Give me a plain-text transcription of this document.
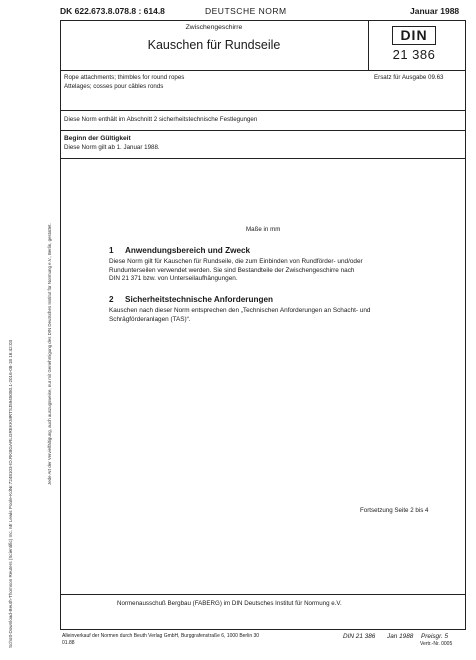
DK 622.673.8.078.8 : 614.8	DEUTSCHE NORM	Januar 1988
Zwischengeschirre
Kauschen für Rundseile
DIN
21 386
Rope attachments; thimbles for round ropes
Attelages; cosses pour câbles ronds
Ersatz für Ausgabe 09.63
Diese Norm enthält im Abschnitt 2 sicherheitstechnische Festlegungen
Beginn der Gültigkeit
Diese Norm gilt ab 1. Januar 1988.
Maße in mm
1 Anwendungsbereich und Zweck
Diese Norm gilt für Kauschen für Rundseile, die zum Einbinden von Rundförder- und/oder
Rundunterseilen verwendet werden. Sie sind Bestandteile der Zwischengeschirre nach
DIN 21 371 bzw. von Unterseilaufhängungen.
2 Sicherheitstechnische Anforderungen
Kauschen nach dieser Norm entsprechen den „Technischen Anforderungen an Schacht- und
Schrägförderanlagen (TAS)“.
Fortsetzung Seite 2 bis 4
Normenausschuß Bergbau (FABERG) im DIN Deutsches Institut für Normung e.V.
Alleinverkauf der Normen durch Beuth Verlag GmbH, Burggrafenstraße 6, 1000 Berlin 30
01.88
DIN 21 386 Jan 1988 Preisgr. 5
Vertr.-Nr. 0005
Jede Art der Vervielfältigung, auch auszugsweise, nur mit Genehmigung des DIN Deutsches Institut für Normung e.V., Berlin, gestattet.
Schott-Download-Beuth-Thomson Reuters (Scientific) Inc. Mr Lewis Poole-KdNr.7248103-ID.RKBGARLGREKKMRTSJ5945080.1-2016-08-18 16:42:03
